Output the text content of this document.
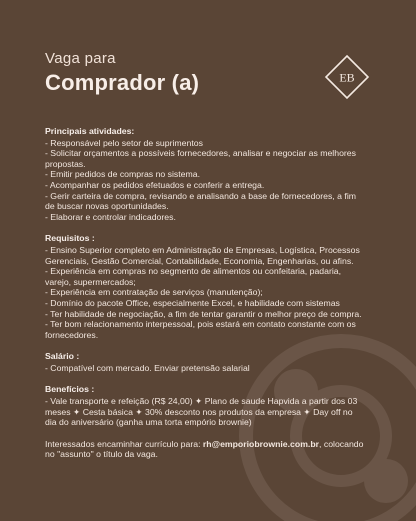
Vaga para
Comprador (a)	EB
Principais atividades:
- Responsável pelo setor de suprimentos
- Solicitar orçamentos a possíveis fornecedores, analisar e negociar as melhores propostas.
- Emitir pedidos de compras no sistema.
- Acompanhar os pedidos efetuados e conferir a entrega.
- Gerir carteira de compra, revisando e analisando a base de fornecedores, a fim de buscar novas oportunidades.
- Elaborar e controlar indicadores.
Requisitos :
- Ensino Superior completo em Administração de Empresas, Logística, Processos Gerenciais, Gestão Comercial, Contabilidade, Economia, Engenharias, ou afins.
- Experiência em compras no segmento de alimentos ou confeitaria, padaria, varejo, supermercados;
- Experiência em contratação de serviços (manutenção);
- Domínio do pacote Office, especialmente Excel, e habilidade com sistemas
- Ter habilidade de negociação, a fim de tentar garantir o melhor preço de compra.
- Ter bom relacionamento interpessoal, pois estará em contato constante com os fornecedores.
Salário :
- Compatível com mercado. Enviar pretensão salarial
Benefícios :
- Vale transporte e refeição (R$ 24,00) ✦ Plano de saude Hapvida a partir dos 03 meses ✦ Cesta básica ✦ 30% desconto nos produtos da empresa ✦ Day off no dia do aniversário (ganha uma torta empório brownie)
Interessados encaminhar currículo para: rh@emporiobrownie.com.br, colocando no "assunto" o título da vaga.
